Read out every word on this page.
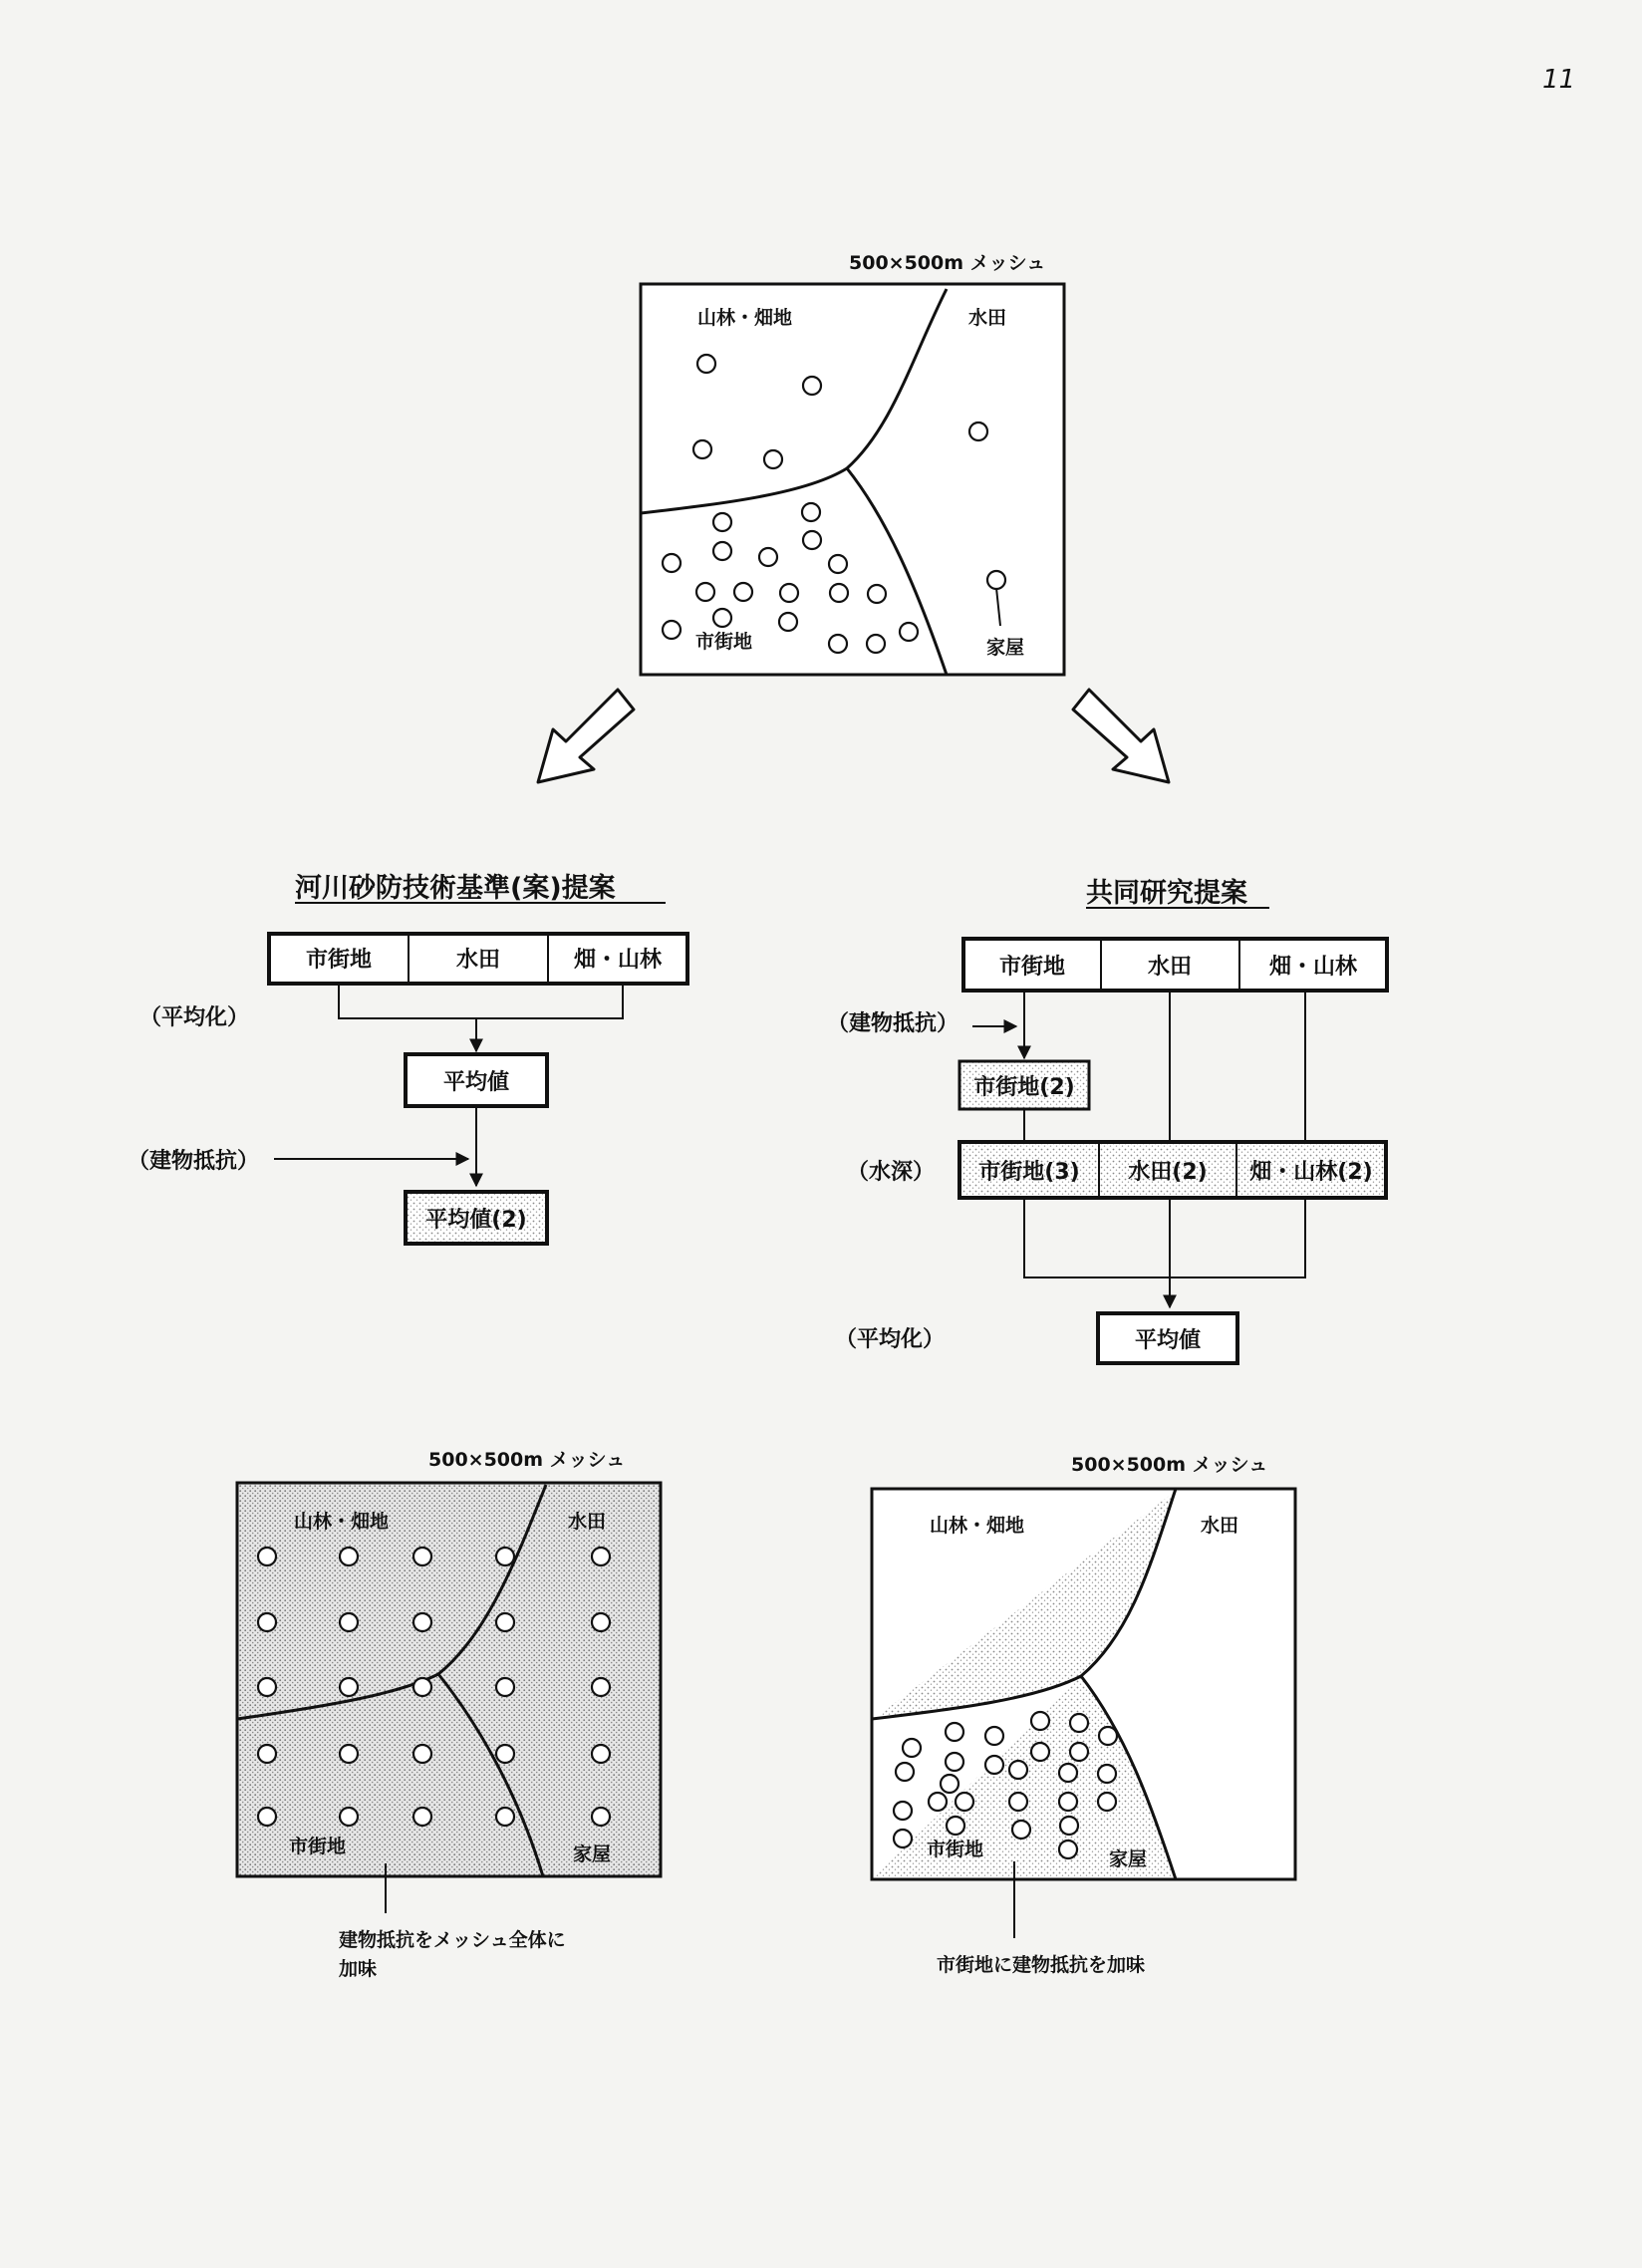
11
500×500m メッシュ
山林・畑地	水田
市街地	家屋
河川砂防技術基準(案)提案
市街地	水田	畑・山林
（平均化）
平均値
（建物抵抗）
平均値(2)
共同研究提案
市街地	水田	畑・山林
（建物抵抗）
市街地(2)
（水深） 市街地(3) 水田(2) 畑・山林(2)
（平均化）	平均値
500×500m メッシュ
山林・畑地	水田
市街地	家屋
建物抵抗をメッシュ全体に
加味
500×500m メッシュ
山林・畑地	水田
市街地	家屋
市街地に建物抵抗を加味
